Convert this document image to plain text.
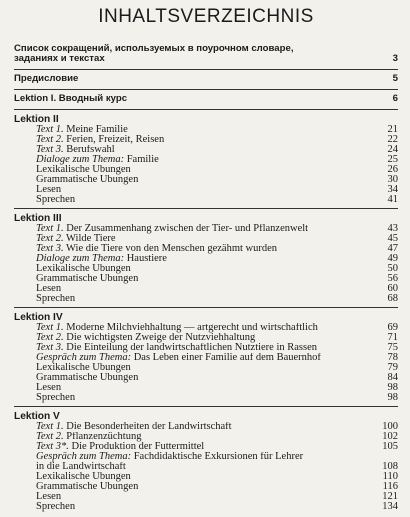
INHALTSVERZEICHNIS
Список сокращений, используемых в поурочном словаре,
заданиях и текстах	3
Предисловие	5
Lektion I. Вводный курс	6
Lektion II
Text 1. Meine Familie	21
Text 2. Ferien, Freizeit, Reisen	22
Text 3. Berufswahl	24
Dialoge zum Thema: Familie	25
Lexikalische Übungen	26
Grammatische Übungen	30
Lesen	34
Sprechen	41
Lektion III
Text 1. Der Zusammenhang zwischen der Tier- und Pflanzenwelt	43
Text 2. Wilde Tiere	45
Text 3. Wie die Tiere von den Menschen gezähmt wurden	47
Dialoge zum Thema: Haustiere	49
Lexikalische Übungen	50
Grammatische Übungen	56
Lesen	60
Sprechen	68
Lektion IV
Text 1. Moderne Milchviehhaltung — artgerecht und wirtschaftlich	69
Text 2. Die wichtigsten Zweige der Nutzviehhaltung	71
Text 3. Die Einteilung der landwirtschaftlichen Nutztiere in Rassen	75
Gespräch zum Thema: Das Leben einer Familie auf dem Bauernhof	78
Lexikalische Übungen	79
Grammatische Übungen	84
Lesen	98
Sprechen	98
Lektion V
Text 1. Die Besonderheiten der Landwirtschaft	100
Text 2. Pflanzenzüchtung	102
Text 3*. Die Produktion der Futtermittel	105
Gespräch zum Thema: Fachdidaktische Exkursionen für Lehrer
in die Landwirtschaft	108
Lexikalische Übungen	110
Grammatische Übungen	116
Lesen	121
Sprechen	134
